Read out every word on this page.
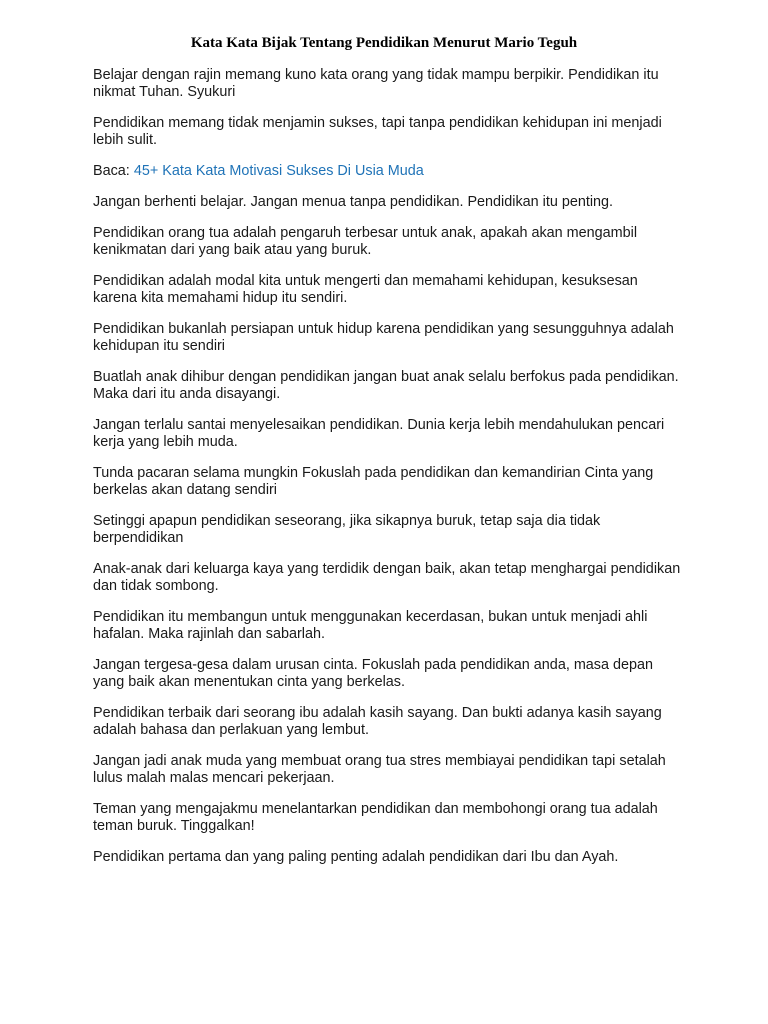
Kata Kata Bijak Tentang Pendidikan Menurut Mario Teguh

Belajar dengan rajin memang kuno kata orang yang tidak mampu berpikir. Pendidikan itu nikmat Tuhan. Syukuri

Pendidikan memang tidak menjamin sukses, tapi tanpa pendidikan kehidupan ini menjadi lebih sulit.

Baca: 45+ Kata Kata Motivasi Sukses Di Usia Muda

Jangan berhenti belajar. Jangan menua tanpa pendidikan. Pendidikan itu penting.

Pendidikan orang tua adalah pengaruh terbesar untuk anak, apakah akan mengambil kenikmatan dari yang baik atau yang buruk.

Pendidikan adalah modal kita untuk mengerti dan memahami kehidupan, kesuksesan karena kita memahami hidup itu sendiri.

Pendidikan bukanlah persiapan untuk hidup karena pendidikan yang sesungguhnya adalah kehidupan itu sendiri

Buatlah anak dihibur dengan pendidikan jangan buat anak selalu berfokus pada pendidikan. Maka dari itu anda disayangi.

Jangan terlalu santai menyelesaikan pendidikan. Dunia kerja lebih mendahulukan pencari kerja yang lebih muda.

Tunda pacaran selama mungkin Fokuslah pada pendidikan dan kemandirian Cinta yang berkelas akan datang sendiri

Setinggi apapun pendidikan seseorang, jika sikapnya buruk, tetap saja dia tidak berpendidikan

Anak-anak dari keluarga kaya yang terdidik dengan baik, akan tetap menghargai pendidikan dan tidak sombong.

Pendidikan itu membangun untuk menggunakan kecerdasan, bukan untuk menjadi ahli hafalan. Maka rajinlah dan sabarlah.

Jangan tergesa-gesa dalam urusan cinta. Fokuslah pada pendidikan anda, masa depan yang baik akan menentukan cinta yang berkelas.

Pendidikan terbaik dari seorang ibu adalah kasih sayang. Dan bukti adanya kasih sayang adalah bahasa dan perlakuan yang lembut.

Jangan jadi anak muda yang membuat orang tua stres membiayai pendidikan tapi setalah lulus malah malas mencari pekerjaan.

Teman yang mengajakmu menelantarkan pendidikan dan membohongi orang tua adalah teman buruk. Tinggalkan!

Pendidikan pertama dan yang paling penting adalah pendidikan dari Ibu dan Ayah.
